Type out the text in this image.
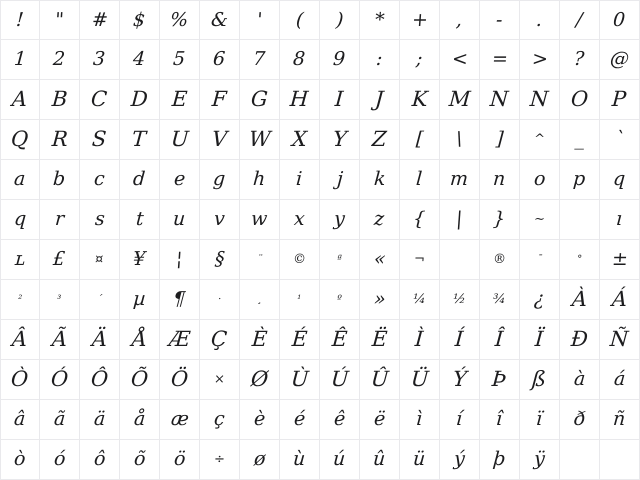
! " # $ % & ' ( ) * + , - . / 0
1 2 3 4 5 6 7 8 9 : ; < = > ? @
A B C D E F G H I J K M N N O P
Q R S T U V W X Y Z [ \ ] ^ _ `
a b c d e g h i j k l m n o p q
q r s t u v w x y z { | } ~	ı
ʟ £ ¤ ¥ ¦ §	¨ ©	ª « ¬  ®	¯	° ±
²	³	´ µ ¶	·	¸	¹	º » ¼ ½ ¾ ¿ À Á
Â Ã Ä Å Æ Ç È É Ê Ë Ì Í Î Ï Ð Ñ
Ò Ó Ô Õ Ö × Ø Ù Ú Û Ü Ý Þ ß à á
â ã ä å æ ç è é ê ë ì í î ï ð ñ
ò ó ô õ ö ÷ ø ù ú û ü ý þ ÿ
